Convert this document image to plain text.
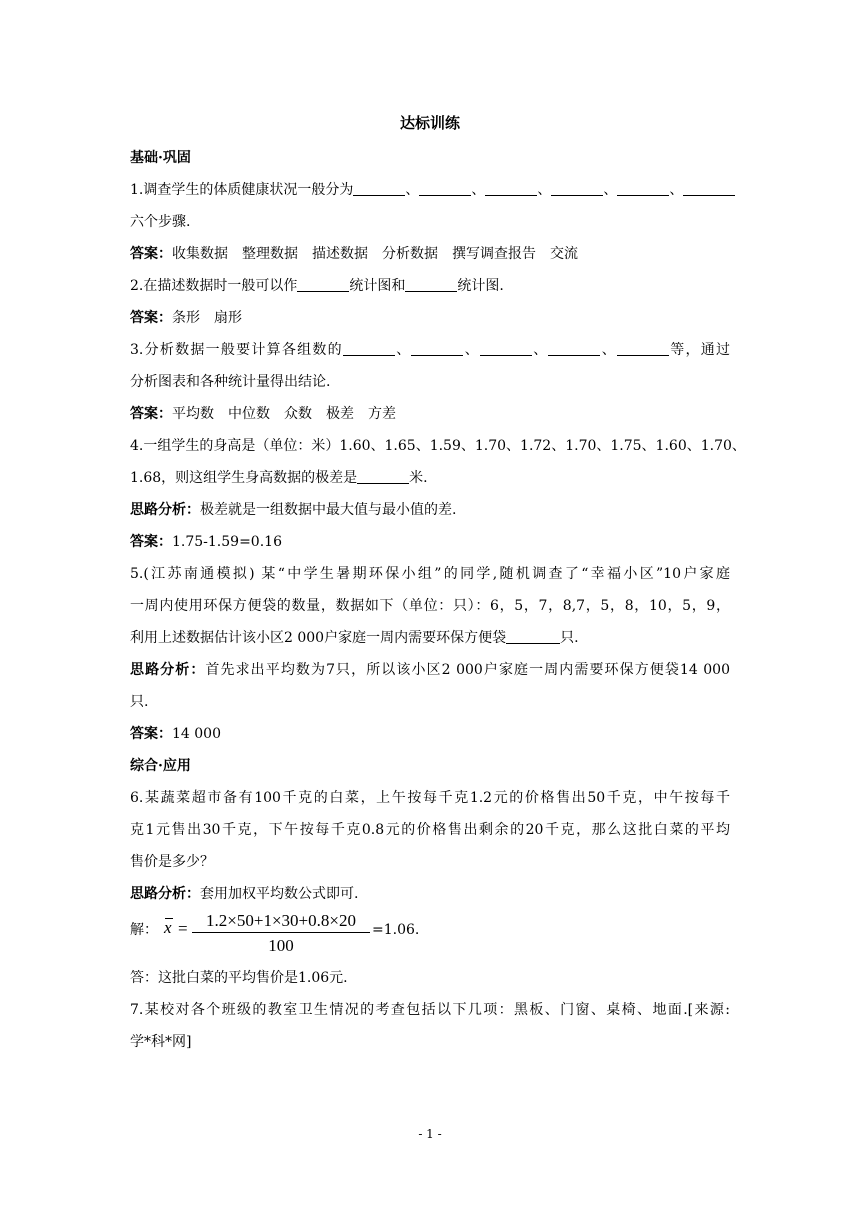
达标训练
基础·巩固
1.调查学生的体质健康状况一般分为	、	、	、	、	、
六个步骤.
答案：收集数据 整理数据 描述数据 分析数据 撰写调查报告 交流
2.在描述数据时一般可以作	统计图和	统计图.
答案：条形 扇形
3.分析数据一般要计算各组数的	、	、	、	、	等，通过
分析图表和各种统计量得出结论.
答案：平均数 中位数 众数 极差 方差
4.一组学生的身高是（单位：米）1.60、1.65、1.59、1.70、1.72、1.70、1.75、1.60、1.70、
1.68，则这组学生身高数据的极差是	米.
思路分析：极差就是一组数据中最大值与最小值的差.
答案：1.75-1.59=0.16
5.(江苏南通模拟) 某“中学生暑期环保小组”的同学,随机调查了“幸福小区”10户家庭
一周内使用环保方便袋的数量，数据如下（单位：只）：6，5，7，8,7，5，8，10，5，9，
利用上述数据估计该小区2 000户家庭一周内需要环保方便袋	只.
思路分析：首先求出平均数为7只，所以该小区2 000户家庭一周内需要环保方便袋14 000
只.
答案：14 000
综合·应用
6.某蔬菜超市备有100千克的白菜，上午按每千克1.2元的价格售出50千克，中午按每千
克1元售出30千克，下午按每千克0.8元的价格售出剩余的20千克，那么这批白菜的平均
售价是多少？
思路分析：套用加权平均数公式即可.
解： $x = \frac{1.2\times 50+1\times 30+0.8\times 20}{100} =1.06$.
答：这批白菜的平均售价是1.06元.
7.某校对各个班级的教室卫生情况的考查包括以下几项：黑板、门窗、桌椅、地面.[来源:
学*科*网]
- 1 -
